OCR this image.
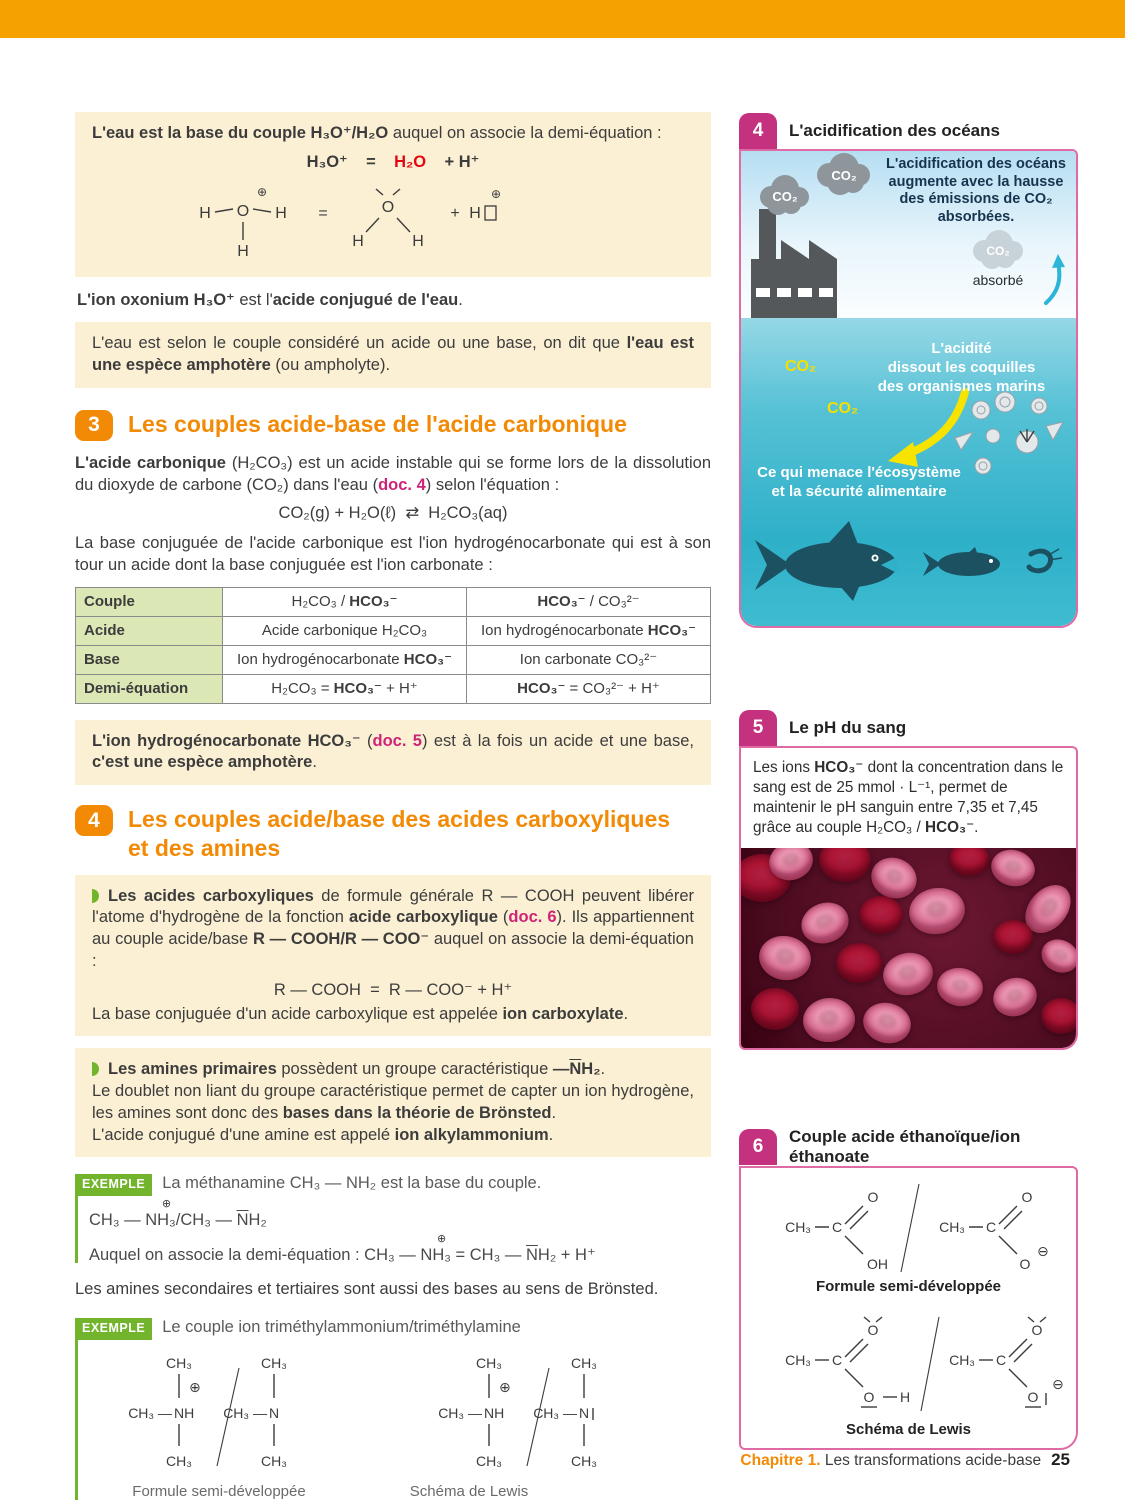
L'eau est la base du couple H₃O⁺/H₂O auquel on associe la demi-équation :

H₃O⁺    =    H₂O    + H⁺
H O
⊕
H
H
=	O
H	H
+ H
⊕

L'ion oxonium H₃O⁺ est l'acide conjugué de l'eau.

L'eau est selon le couple considéré un acide ou une base, on dit que l'eau est une espèce amphotère (ou ampholyte).

3	Les couples acide-base de l'acide carbonique

L'acide carbonique (H₂CO₃) est un acide instable qui se forme lors de la dissolution du dioxyde de carbone (CO₂) dans l'eau (doc. 4) selon l'équation :

CO₂(g) + H₂O(ℓ)  ⇄  H₂CO₃(aq)

La base conjuguée de l'acide carbonique est l'ion hydrogénocarbonate qui est à son tour un acide dont la base conjuguée est l'ion carbonate :

Couple	H₂CO₃ / HCO₃⁻	HCO₃⁻ / CO₃²⁻
Acide	Acide carbonique H₂CO₃	Ion hydrogénocarbonate HCO₃⁻
Base	Ion hydrogénocarbonate HCO₃⁻	Ion carbonate CO₃²⁻
Demi-équation	H₂CO₃ = HCO₃⁻ + H⁺	HCO₃⁻ = CO₃²⁻ + H⁺

L'ion hydrogénocarbonate HCO₃⁻ (doc. 5) est à la fois un acide et une base, c'est une espèce amphotère.

4	Les couples acide/base des acides carboxyliques et des amines

Les acides carboxyliques de formule générale R — COOH peuvent libérer l'atome d'hydrogène de la fonction acide carboxylique (doc. 6). Ils appartiennent au couple acide/base R — COOH/R — COO⁻ auquel on associe la demi-équation :

R — COOH  =  R — COO⁻ + H⁺

La base conjuguée d'un acide carboxylique est appelée ion carboxylate.

Les amines primaires possèdent un groupe caractéristique $—\overline{N}H_2$.

Le doublet non liant du groupe caractéristique permet de capter un ion hydrogène, les amines sont donc des bases dans la théorie de Brönsted.

L'acide conjugué d'une amine est appelé ion alkylammonium.

EXEMPLE	La méthanamine CH₃ — NH₂ est la base du couple.

CH₃ — N
⊕
H₃/CH₃ — $\overline{N}H_2$

Auquel on associe la demi-équation : CH₃ — N
⊕
H₃ = CH₃ — $\overline{N}H_2 + H^+$

Les amines secondaires et tertiaires sont aussi des bases au sens de Brönsted.

EXEMPLE	Le couple ion triméthylammonium/triméthylamine
CH₃
⊕
CH₃ — NH
CH₃
CH₃
CH₃ — N
CH₃
CH₃
⊕
CH₃ — NH
CH₃
CH₃
CH₃ — N
CH₃
Formule semi-développée	Schéma de Lewis
4	L'acidification des océans
CO₂
CO₂
CO₂
absorbé
L'acidification des océans augmente avec la hausse des émissions de CO₂ absorbées.
CO₂
L'acidité
dissout les coquilles
des organismes marins
CO₂
Ce qui menace l'écosystème
et la sécurité alimentaire
5	Le pH du sang

Les ions HCO₃⁻ dont la concentration dans le sang est de 25 mmol · L⁻¹, permet de maintenir le pH sanguin entre 7,35 et 7,45 grâce au couple H₂CO₃ / HCO₃⁻.

6	Couple acide éthanoïque/ion
éthanoate
CH₃ C
O
OH
CH₃ C
O
O
⊖

Formule semi-développée

CH₃ C
O
O H
CH₃ C
O
O
⊖

Schéma de Lewis

Chapitre 1. Les transformations acide-base 25
